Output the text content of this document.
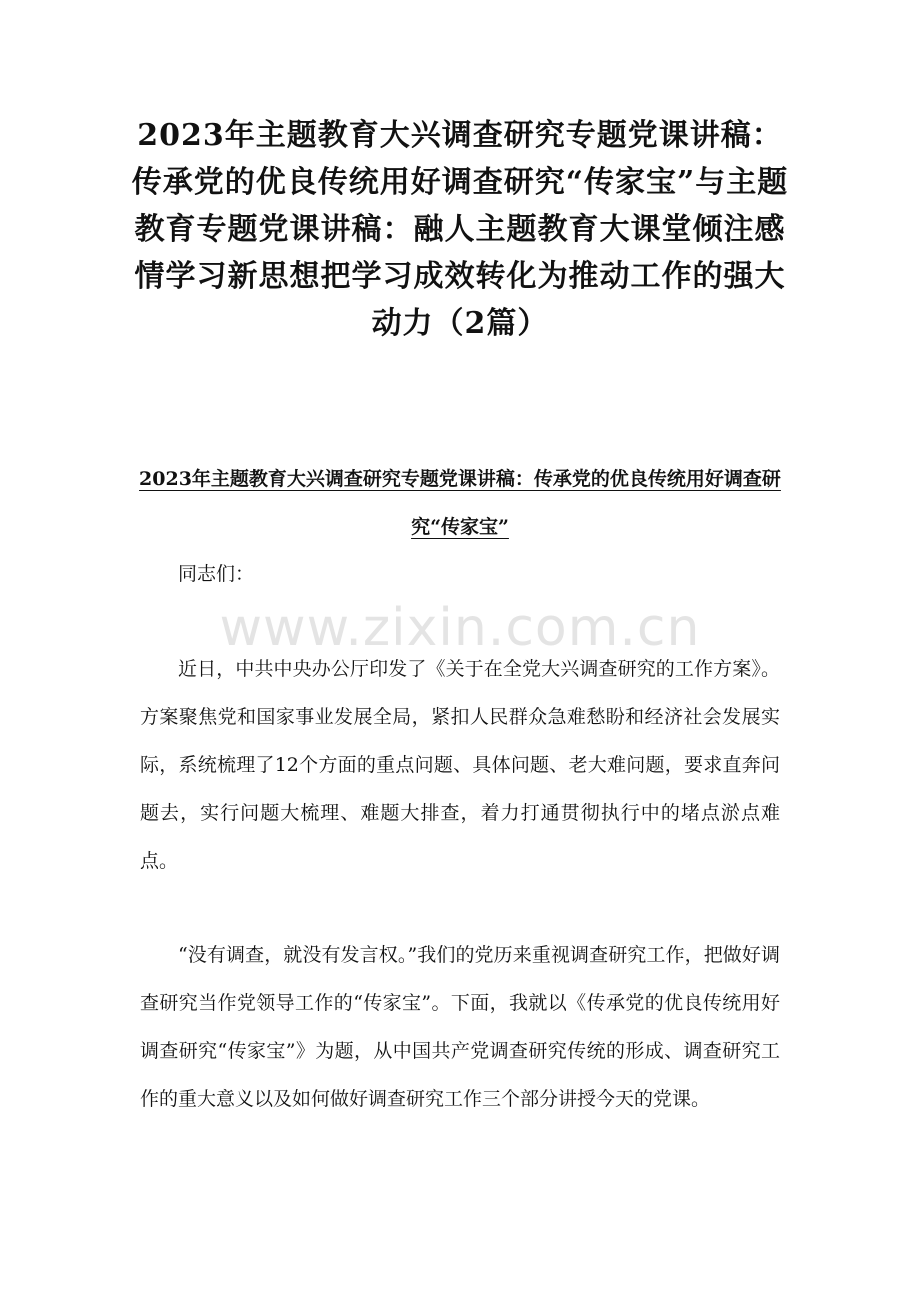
2023年主题教育大兴调查研究专题党课讲稿：传承党的优良传统用好调查研究“传家宝”与主题教育专题党课讲稿：融人主题教育大课堂倾注感情学习新思想把学习成效转化为推动工作的强大动力（2篇）
2023年主题教育大兴调查研究专题党课讲稿：传承党的优良传统用好调查研究“传家宝”

同志们：

www.zixin.com.cn

近日，中共中央办公厅印发了《关于在全党大兴调查研究的工作方案》。方案聚焦党和国家事业发展全局，紧扣人民群众急难愁盼和经济社会发展实际，系统梳理了12个方面的重点问题、具体问题、老大难问题，要求直奔问题去，实行问题大梳理、难题大排查，着力打通贯彻执行中的堵点淤点难点。

“没有调查，就没有发言权。”我们的党历来重视调查研究工作，把做好调查研究当作党领导工作的“传家宝”。下面，我就以《传承党的优良传统用好调查研究“传家宝”》为题，从中国共产党调查研究传统的形成、调查研究工作的重大意义以及如何做好调查研究工作三个部分讲授今天的党课。
